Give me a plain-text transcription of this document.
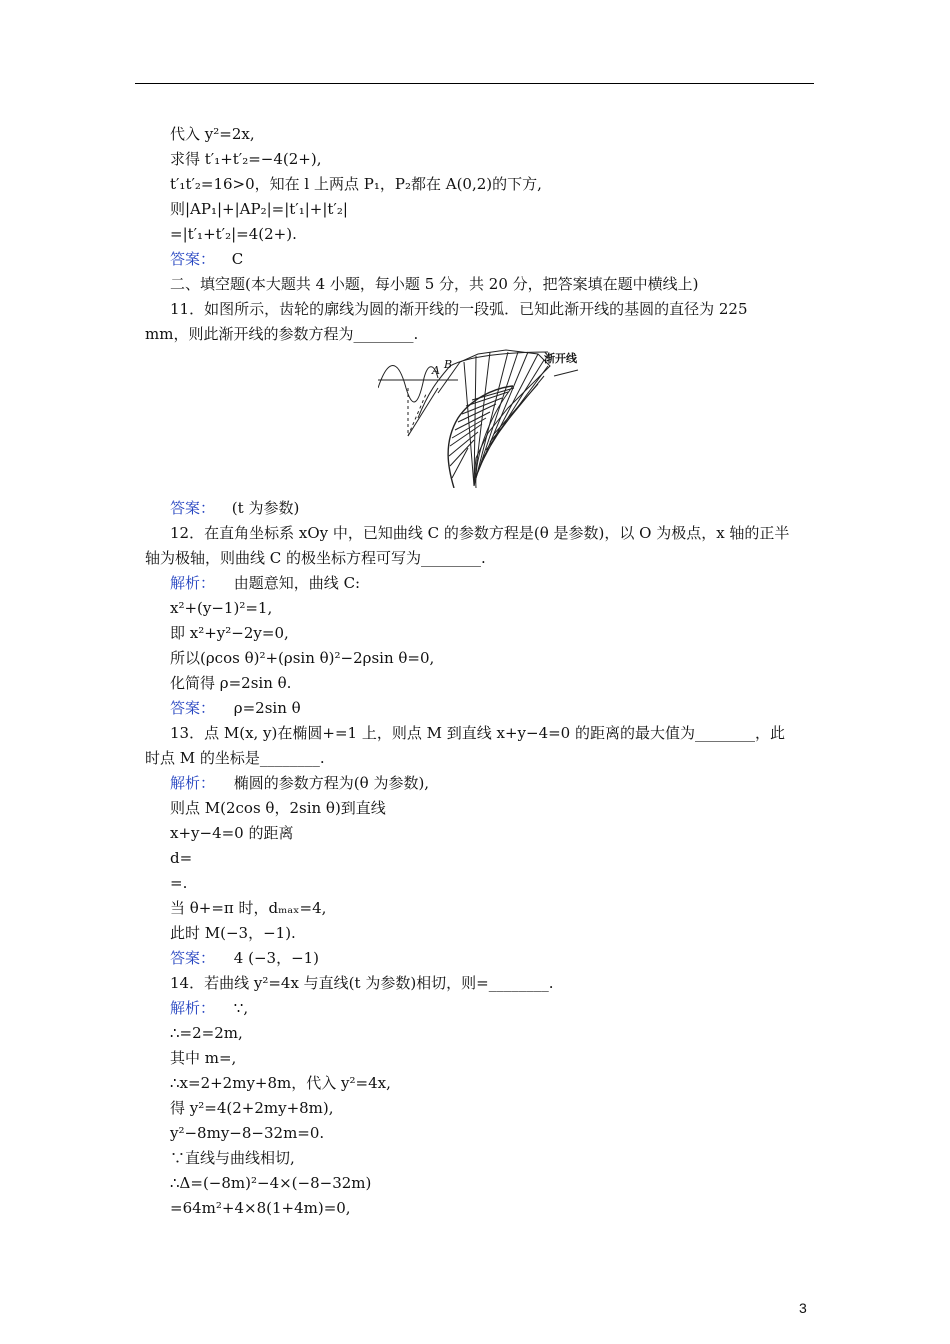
代入 y²=2x,
求得 t′₁+t′₂=−4(2+),
t′₁t′₂=16>0，知在 l 上两点 P₁，P₂都在 A(0,2)的下方,
则|AP₁|+|AP₂|=|t′₁|+|t′₂|
=|t′₁+t′₂|=4(2+).
答案： C
二、填空题(本大题共 4 小题，每小题 5 分，共 20 分，把答案填在题中横线上)
11．如图所示，齿轮的廓线为圆的渐开线的一段弧．已知此渐开线的基圆的直径为 225
mm，则此渐开线的参数方程为________.
A B	渐开线
答案： (t 为参数)
12．在直角坐标系 xOy 中，已知曲线 C 的参数方程是(θ 是参数)，以 O 为极点，x 轴的正半
轴为极轴，则曲线 C 的极坐标方程可写为________.
解析： 由题意知，曲线 C:
x²+(y−1)²=1,
即 x²+y²−2y=0,
所以(ρcos θ)²+(ρsin θ)²−2ρsin θ=0,
化简得 ρ=2sin θ.
答案： ρ=2sin θ
13．点 M(x, y)在椭圆+=1 上，则点 M 到直线 x+y−4=0 的距离的最大值为________，此
时点 M 的坐标是________.
解析： 椭圆的参数方程为(θ 为参数),
则点 M(2cos θ，2sin θ)到直线
x+y−4=0 的距离
d=
=.
当 θ+=π 时，dₘₐₓ=4,
此时 M(−3，−1).
答案： 4 (−3，−1)
14．若曲线 y²=4x 与直线(t 为参数)相切，则=________.
解析： ∵,
∴=2=2m,
其中 m=,
∴x=2+2my+8m，代入 y²=4x,
得 y²=4(2+2my+8m),
y²−8my−8−32m=0.
∵直线与曲线相切,
∴Δ=(−8m)²−4×(−8−32m)
=64m²+4×8(1+4m)=0,
3
